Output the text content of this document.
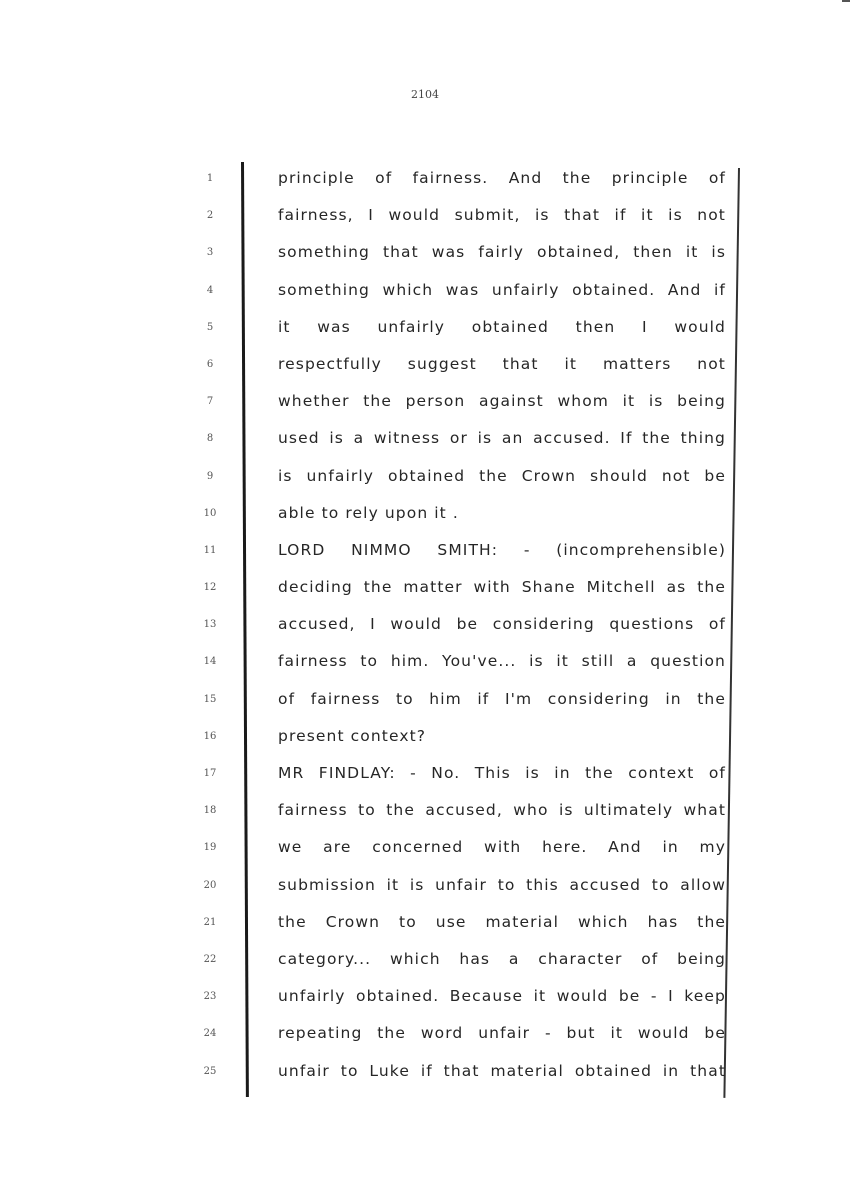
2104
1
2
3
4
5
6
7
8
9
10
11
12
13
14
15
16
17
18
19
20
21
22
23
24
25
principle of fairness. And the principle of
fairness, I would submit, is that if it is not
something that was fairly obtained, then it is
something which was unfairly obtained. And if
it was unfairly obtained then I would
respectfully suggest that it matters not
whether the person against whom it is being
used is a witness or is an accused. If the thing
is unfairly obtained the Crown should not be
able to rely upon it .
LORD NIMMO SMITH: - (incomprehensible)
deciding the matter with Shane Mitchell as the
accused, I would be considering questions of
fairness to him. You've... is it still a question
of fairness to him if I'm considering in the
present context?
MR FINDLAY: - No. This is in the context of
fairness to the accused, who is ultimately what
we are concerned with here. And in my
submission it is unfair to this accused to allow
the Crown to use material which has the
category... which has a character of being
unfairly obtained. Because it would be - I keep
repeating the word unfair - but it would be
unfair to Luke if that material obtained in that
